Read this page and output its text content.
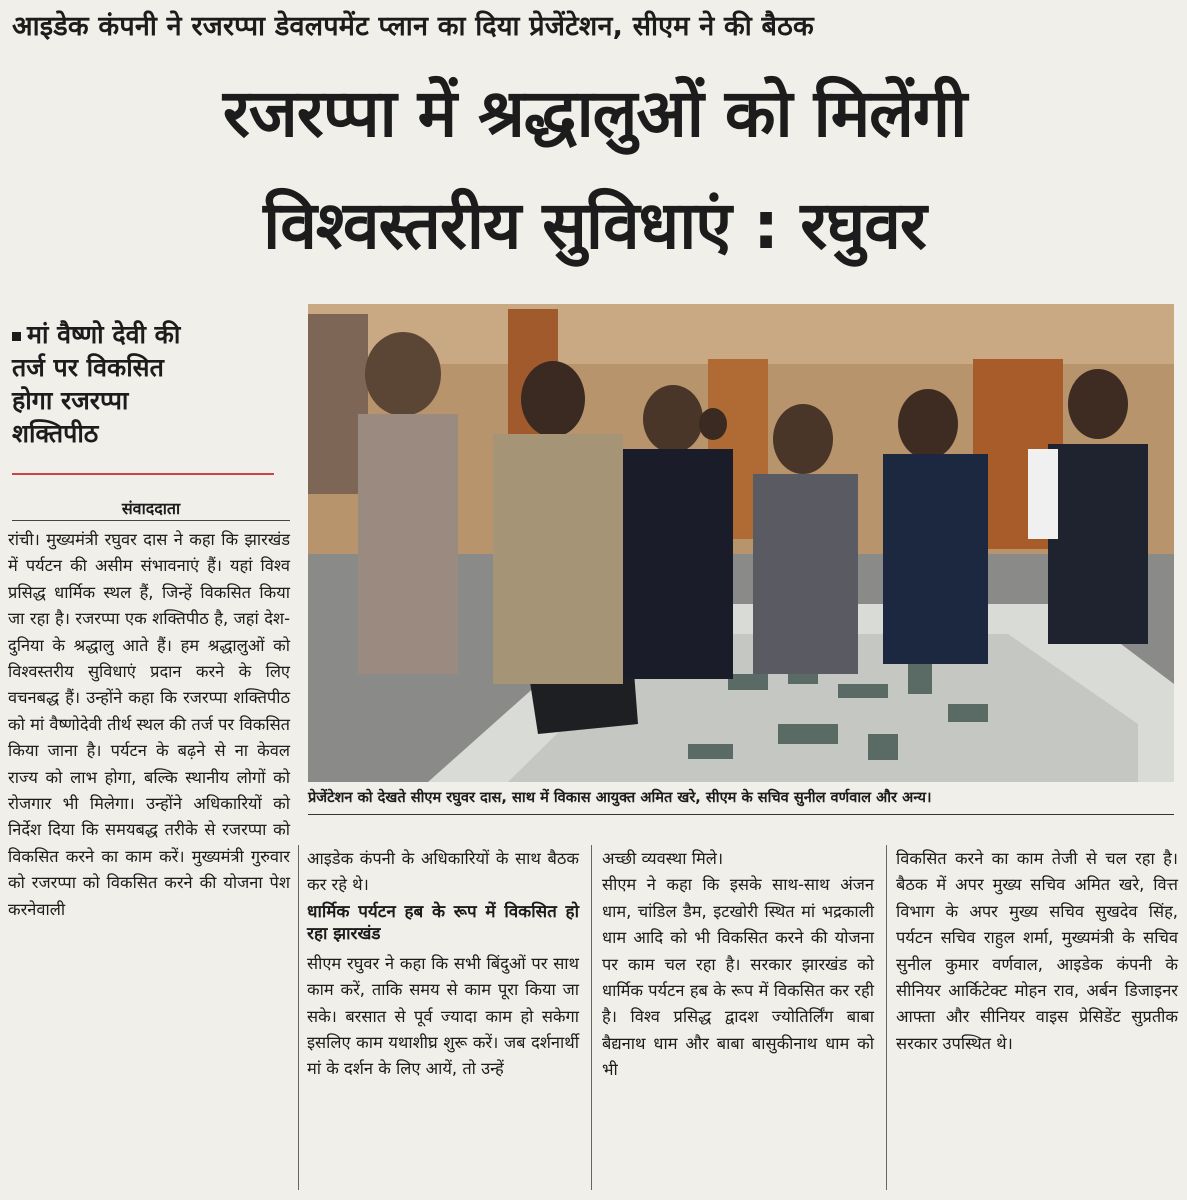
आइडेक कंपनी ने रजरप्पा डेवलपमेंट प्लान का दिया प्रेजेंटेशन, सीएम ने की बैठक
रजरप्पा में श्रद्धालुओं को मिलेंगी
विश्वस्तरीय सुविधाएं : रघुवर
मां वैष्णो देवी की
तर्ज पर विकसित
होगा रजरप्पा
शक्तिपीठ
संवाददाता

रांची। मुख्यमंत्री रघुवर दास ने कहा कि झारखंड में पर्यटन की असीम संभावनाएं हैं। यहां विश्व प्रसिद्ध धार्मिक स्थल हैं, जिन्हें विकसित किया जा रहा है। रजरप्पा एक शक्तिपीठ है, जहां देश-दुनिया के श्रद्धालु आते हैं। हम श्रद्धालुओं को विश्वस्तरीय सुविधाएं प्रदान करने के लिए वचनबद्ध हैं। उन्होंने कहा कि रजरप्पा शक्तिपीठ को मां वैष्णोदेवी तीर्थ स्थल की तर्ज पर विकसित किया जाना है। पर्यटन के बढ़ने से ना केवल राज्य को लाभ होगा, बल्कि स्थानीय लोगों को रोजगार भी मिलेगा। उन्होंने अधिकारियों को निर्देश दिया कि समयबद्ध तरीके से रजरप्पा को विकसित करने का काम करें। मुख्यमंत्री गुरुवार को रजरप्पा को विकसित करने की योजना पेश करनेवाली

प्रेजेंटेशन को देखते सीएम रघुवर दास, साथ में विकास आयुक्त अमित खरे, सीएम के सचिव सुनील वर्णवाल और अन्य।

आइडेक कंपनी के अधिकारियों के साथ बैठक कर रहे थे।

धार्मिक पर्यटन हब के रूप में विकसित हो रहा झारखंड

सीएम रघुवर ने कहा कि सभी बिंदुओं पर साथ काम करें, ताकि समय से काम पूरा किया जा सके। बरसात से पूर्व ज्यादा काम हो सकेगा इसलिए काम यथाशीघ्र शुरू करें। जब दर्शनार्थी मां के दर्शन के लिए आयें, तो उन्हें

अच्छी व्यवस्था मिले।

सीएम ने कहा कि इसके साथ-साथ अंजन धाम, चांडिल डैम, इटखोरी स्थित मां भद्रकाली धाम आदि को भी विकसित करने की योजना पर काम चल रहा है। सरकार झारखंड को धार्मिक पर्यटन हब के रूप में विकसित कर रही है। विश्व प्रसिद्ध द्वादश ज्योतिर्लिंग बाबा बैद्यनाथ धाम और बाबा बासुकीनाथ धाम को भी

विकसित करने का काम तेजी से चल रहा है। बैठक में अपर मुख्य सचिव अमित खरे, वित्त विभाग के अपर मुख्य सचिव सुखदेव सिंह, पर्यटन सचिव राहुल शर्मा, मुख्यमंत्री के सचिव सुनील कुमार वर्णवाल, आइडेक कंपनी के सीनियर आर्किटेक्ट मोहन राव, अर्बन डिजाइनर आफ्ता और सीनियर वाइस प्रेसिडेंट सुप्रतीक सरकार उपस्थित थे।
